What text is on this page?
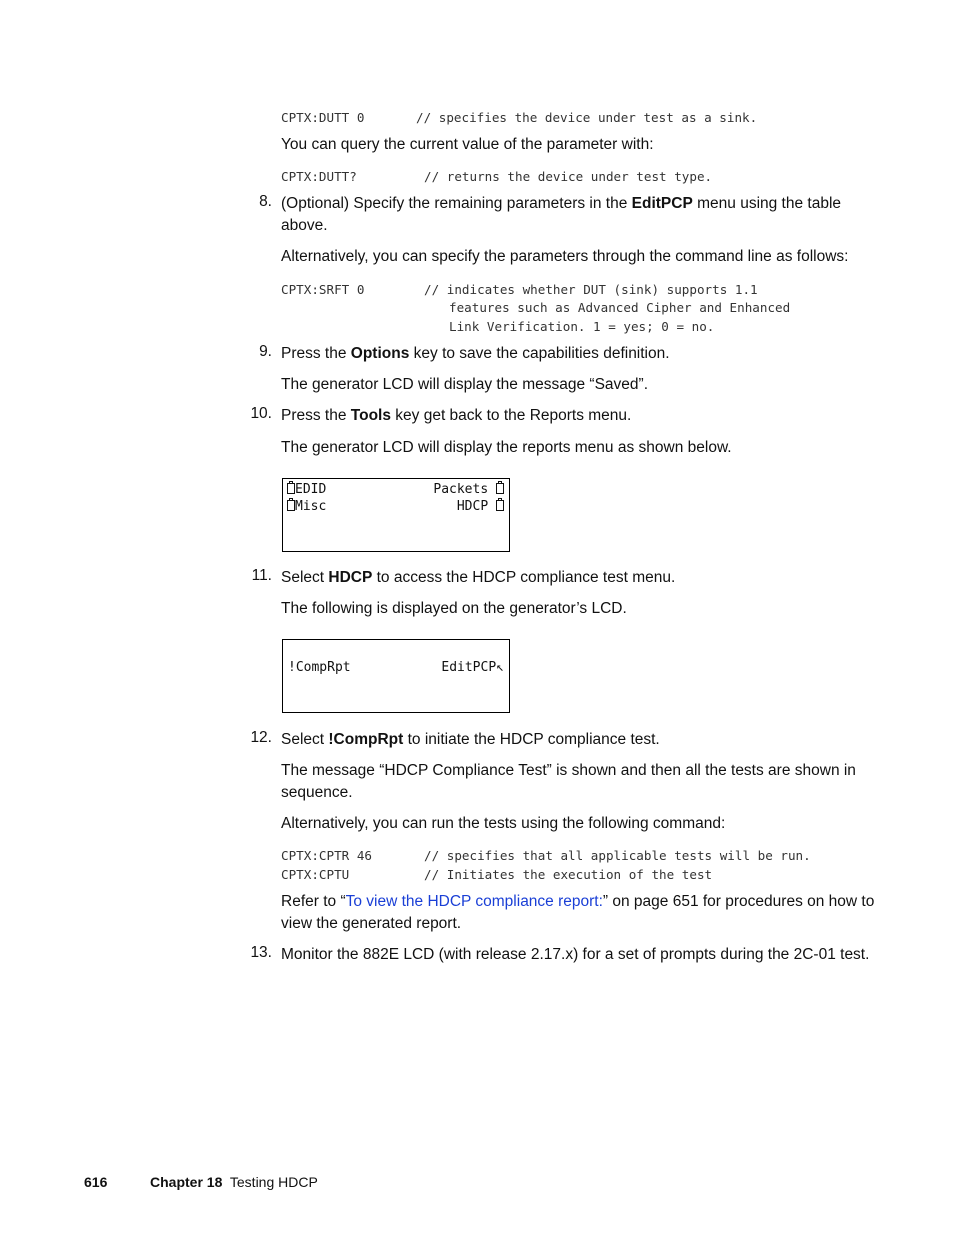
CPTX:DUTT 0	// specifies the device under test as a sink.
You can query the current value of the parameter with:
CPTX:DUTT?	// returns the device under test type.
8. (Optional) Specify the remaining parameters in the EditPCP menu using the table
above.
Alternatively, you can specify the parameters through the command line as follows:
CPTX:SRFT 0	// indicates whether DUT (sink) supports 1.1
features such as Advanced Cipher and Enhanced
Link Verification. 1 = yes; 0 = no.
9. Press the Options key to save the capabilities definition.
The generator LCD will display the message “Saved”.
10. Press the Tools key get back to the Reports menu.
The generator LCD will display the reports menu as shown below.
EDID	Packets
Misc	HDCP
11. Select HDCP to access the HDCP compliance test menu.
The following is displayed on the generator’s LCD.
!CompRpt	EditPCP↖
12. Select !CompRpt to initiate the HDCP compliance test.
The message “HDCP Compliance Test” is shown and then all the tests are shown in
sequence.
Alternatively, you can run the tests using the following command:
CPTX:CPTR 46	// specifies that all applicable tests will be run.
CPTX:CPTU	// Initiates the execution of the test
Refer to “To view the HDCP compliance report:” on page 651 for procedures on how to
view the generated report.
13. Monitor the 882E LCD (with release 2.17.x) for a set of prompts during the 2C-01 test.
616	Chapter 18 Testing HDCP
